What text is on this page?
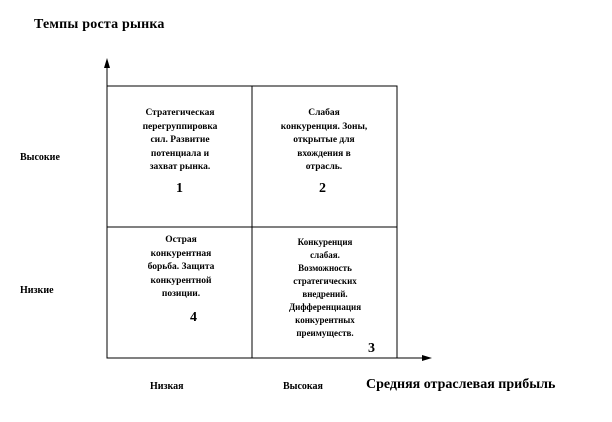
Темпы роста рынка
Высокие
Низкие
Низкая	Высокая	Средняя отраслевая прибыль
Стратегическая
перегруппировка
сил. Развитие
потенциала и
захват рынка.
1
Слабая
конкуренция. Зоны,
открытые для
вхождения в
отрасль.
2
Острая
конкурентная
борьба. Защита
конкурентной
позиции.
4
Конкуренция
слабая.
Возможность
стратегических
внедрений.
Дифференциация
конкурентных
преимуществ.
3
